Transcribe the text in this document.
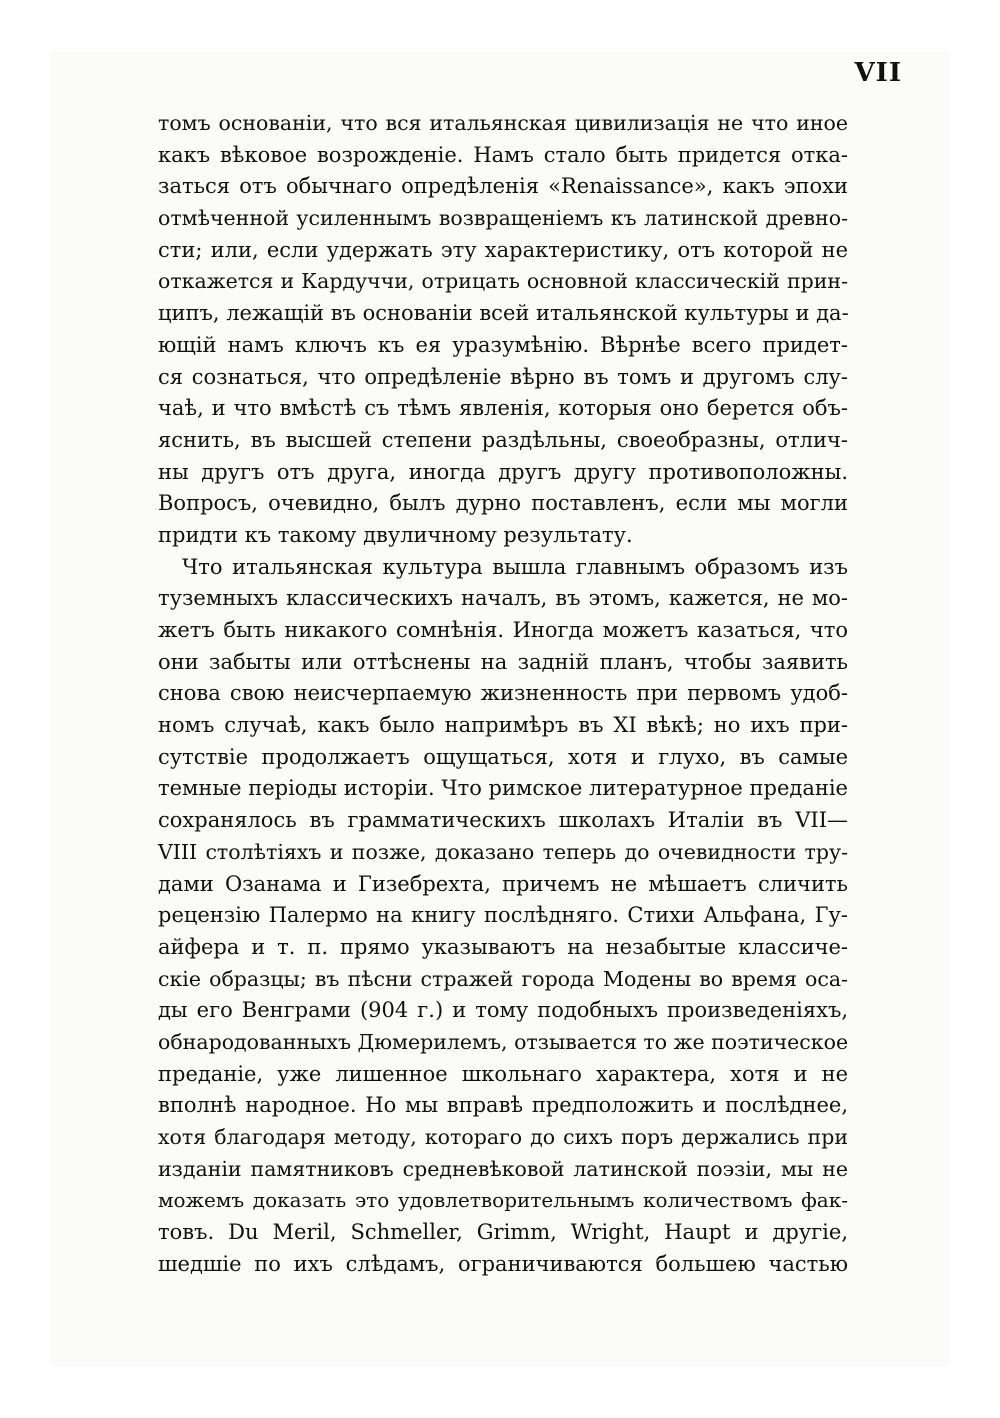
VII
томъ основаніи, что вся итальянская цивилизація не что иное
какъ вѣковое возрожденіе. Намъ стало быть придется отка-
заться отъ обычнаго опредѣленія «Renaissance», какъ эпохи
отмѣченной усиленнымъ возвращеніемъ къ латинской древно-
сти; или, если удержать эту характеристику, отъ которой не
откажется и Кардуччи, отрицать основной классическій прин-
ципъ, лежащій въ основаніи всей итальянской культуры и да-
ющій намъ ключъ къ ея уразумѣнію. Вѣрнѣе всего придет-
ся сознаться, что опредѣленіе вѣрно въ томъ и другомъ слу-
чаѣ, и что вмѣстѣ съ тѣмъ явленія, которыя оно берется объ-
яснить, въ высшей степени раздѣльны, своеобразны, отлич-
ны другъ отъ друга, иногда другъ другу противоположны.
Вопросъ, очевидно, былъ дурно поставленъ, если мы могли
придти къ такому двуличному результату.
Что итальянская культура вышла главнымъ образомъ изъ
туземныхъ классическихъ началъ, въ этомъ, кажется, не мо-
жетъ быть никакого сомнѣнія. Иногда можетъ казаться, что
они забыты или оттѣснены на задній планъ, чтобы заявить
снова свою неисчерпаемую жизненность при первомъ удоб-
номъ случаѣ, какъ было напримѣръ въ XI вѣкѣ; но ихъ при-
сутствіе продолжаетъ ощущаться, хотя и глухо, въ самые
темные періоды исторіи. Что римское литературное преданіе
сохранялось въ грамматическихъ школахъ Италіи въ VII—
VIII столѣтіяхъ и позже, доказано теперь до очевидности тру-
дами Озанама и Гизебрехта, причемъ не мѣшаетъ сличить
рецензію Палермо на книгу послѣдняго. Стихи Альфана, Гу-
айфера и т. п. прямо указываютъ на незабытые классиче-
скіе образцы; въ пѣсни стражей города Модены во время оса-
ды его Венграми (904 г.) и тому подобныхъ произведеніяхъ,
обнародованныхъ Дюмерилемъ, отзывается то же поэтическое
преданіе, уже лишенное школьнаго характера, хотя и не
вполнѣ народное. Но мы вправѣ предположить и послѣднее,
хотя благодаря методу, котораго до сихъ поръ держались при
изданіи памятниковъ средневѣковой латинской поэзіи, мы не
можемъ доказать это удовлетворительнымъ количествомъ фак-
товъ. Du Meril, Schmeller, Grimm, Wright, Haupt и другіе,
шедшіе по ихъ слѣдамъ, ограничиваются большею частью
